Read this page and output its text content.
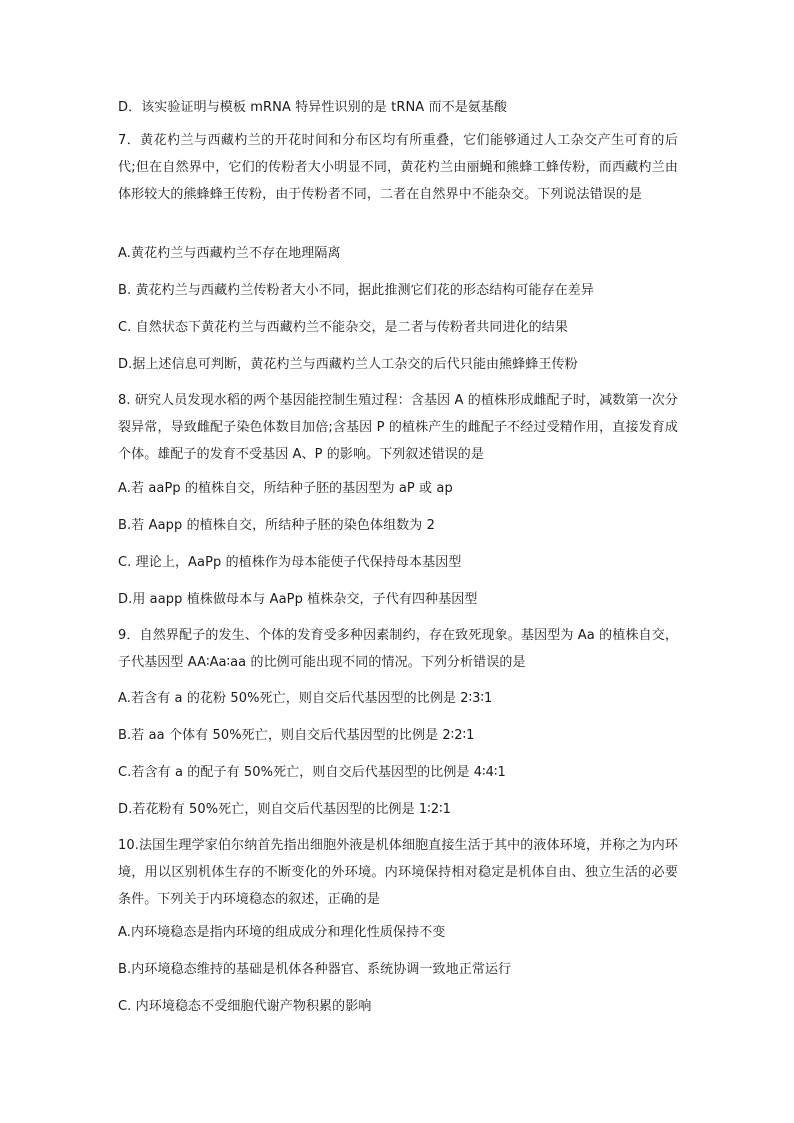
D．该实验证明与模板 mRNA 特异性识别的是 tRNA 而不是氨基酸
7．黄花杓兰与西藏杓兰的开花时间和分布区均有所重叠，它们能够通过人工杂交产生可育的后代;但在自然界中，它们的传粉者大小明显不同，黄花杓兰由丽蝇和熊蜂工蜂传粉，而西藏杓兰由体形较大的熊蜂蜂王传粉，由于传粉者不同，二者在自然界中不能杂交。下列说法错误的是
A.黄花杓兰与西藏杓兰不存在地理隔离
B. 黄花杓兰与西藏杓兰传粉者大小不同，据此推测它们花的形态结构可能存在差异
C. 自然状态下黄花杓兰与西藏杓兰不能杂交，是二者与传粉者共同进化的结果
D.据上述信息可判断，黄花杓兰与西藏杓兰人工杂交的后代只能由熊蜂蜂王传粉
8. 研究人员发现水稻的两个基因能控制生殖过程：含基因 A 的植株形成雌配子时，减数第一次分裂异常，导致雌配子染色体数目加倍;含基因 P 的植株产生的雌配子不经过受精作用，直接发育成个体。雄配子的发育不受基因 A、P 的影响。下列叙述错误的是
A.若 aaPp 的植株自交，所结种子胚的基因型为 aP 或 ap
B.若 Aapp 的植株自交，所结种子胚的染色体组数为 2
C. 理论上，AaPp 的植株作为母本能使子代保持母本基因型
D.用 aapp 植株做母本与 AaPp 植株杂交，子代有四种基因型
9．自然界配子的发生、个体的发育受多种因素制约，存在致死现象。基因型为 Aa 的植株自交，子代基因型 AA∶Aa∶aa 的比例可能出现不同的情况。下列分析错误的是
A.若含有 a 的花粉 50%死亡，则自交后代基因型的比例是 2∶3∶1
B.若 aa 个体有 50%死亡，则自交后代基因型的比例是 2∶2∶1
C.若含有 a 的配子有 50%死亡，则自交后代基因型的比例是 4∶4∶1
D.若花粉有 50%死亡，则自交后代基因型的比例是 1∶2∶1
10.法国生理学家伯尔纳首先指出细胞外液是机体细胞直接生活于其中的液体环境，并称之为内环境，用以区别机体生存的不断变化的外环境。内环境保持相对稳定是机体自由、独立生活的必要条件。下列关于内环境稳态的叙述，正确的是
A.内环境稳态是指内环境的组成成分和理化性质保持不变
B.内环境稳态维持的基础是机体各种器官、系统协调一致地正常运行
C. 内环境稳态不受细胞代谢产物积累的影响
